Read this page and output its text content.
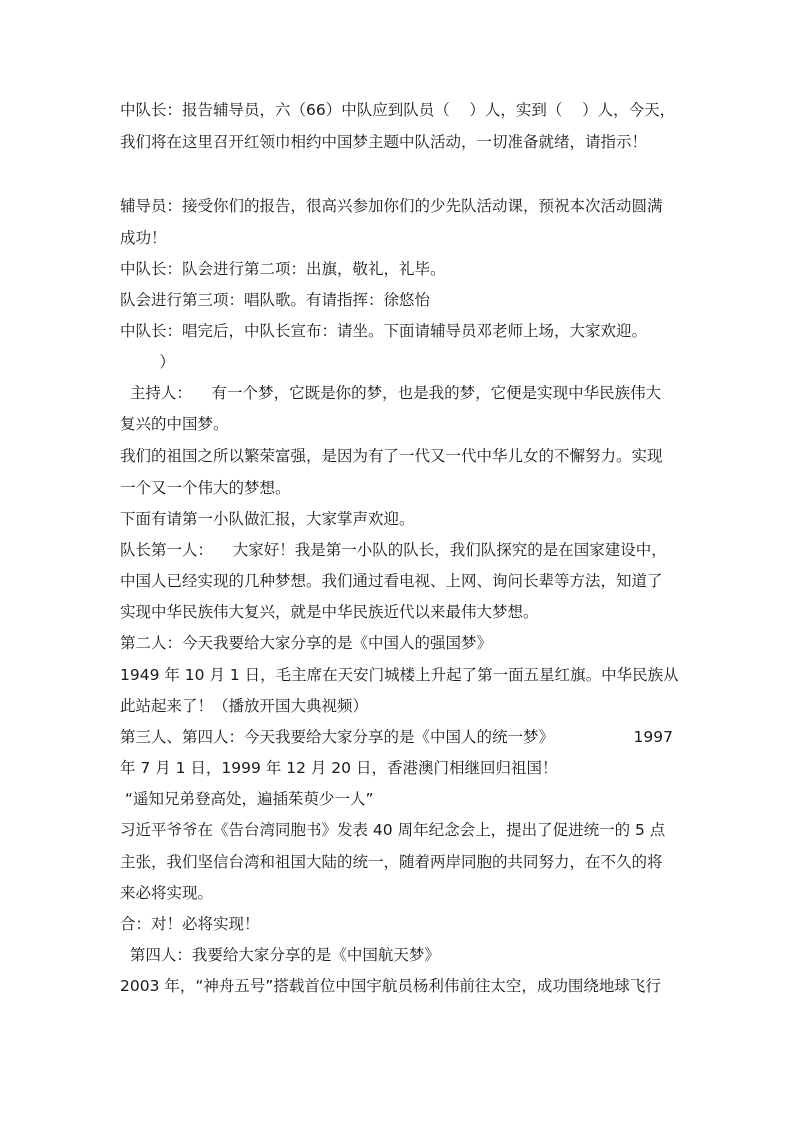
中队长：报告辅导员，六（66）中队应到队员（    ）人，实到（    ）人，今天，
我们将在这里召开红领巾相约中国梦主题中队活动，一切准备就绪，请指示！
辅导员：接受你们的报告，很高兴参加你们的少先队活动课，预祝本次活动圆满
成功！
中队长：队会进行第二项：出旗，敬礼，礼毕。
队会进行第三项：唱队歌。有请指挥：徐悠怡
中队长：唱完后，中队长宣布：请坐。下面请辅导员邓老师上场，大家欢迎。
）
主持人：    有一个梦，它既是你的梦，也是我的梦，它便是实现中华民族伟大
复兴的中国梦。
我们的祖国之所以繁荣富强，是因为有了一代又一代中华儿女的不懈努力。实现
一个又一个伟大的梦想。
下面有请第一小队做汇报，大家掌声欢迎。
队长第一人：    大家好！我是第一小队的队长，我们队探究的是在国家建设中，
中国人已经实现的几种梦想。我们通过看电视、上网、询问长辈等方法，知道了
实现中华民族伟大复兴，就是中华民族近代以来最伟大梦想。
第二人：今天我要给大家分享的是《中国人的强国梦》
1949 年 10 月 1 日，毛主席在天安门城楼上升起了第一面五星红旗。中华民族从
此站起来了！（播放开国大典视频）
第三人、第四人：今天我要给大家分享的是《中国人的统一梦》	1997
年 7 月 1 日，1999 年 12 月 20 日，香港澳门相继回归祖国！
“遥知兄弟登高处，遍插茱萸少一人”
习近平爷爷在《告台湾同胞书》发表 40 周年纪念会上，提出了促进统一的 5 点
主张，我们坚信台湾和祖国大陆的统一，随着两岸同胞的共同努力，在不久的将
来必将实现。
合：对！必将实现！
第四人：我要给大家分享的是《中国航天梦》
2003 年，“神舟五号”搭载首位中国宇航员杨利伟前往太空，成功围绕地球飞行
